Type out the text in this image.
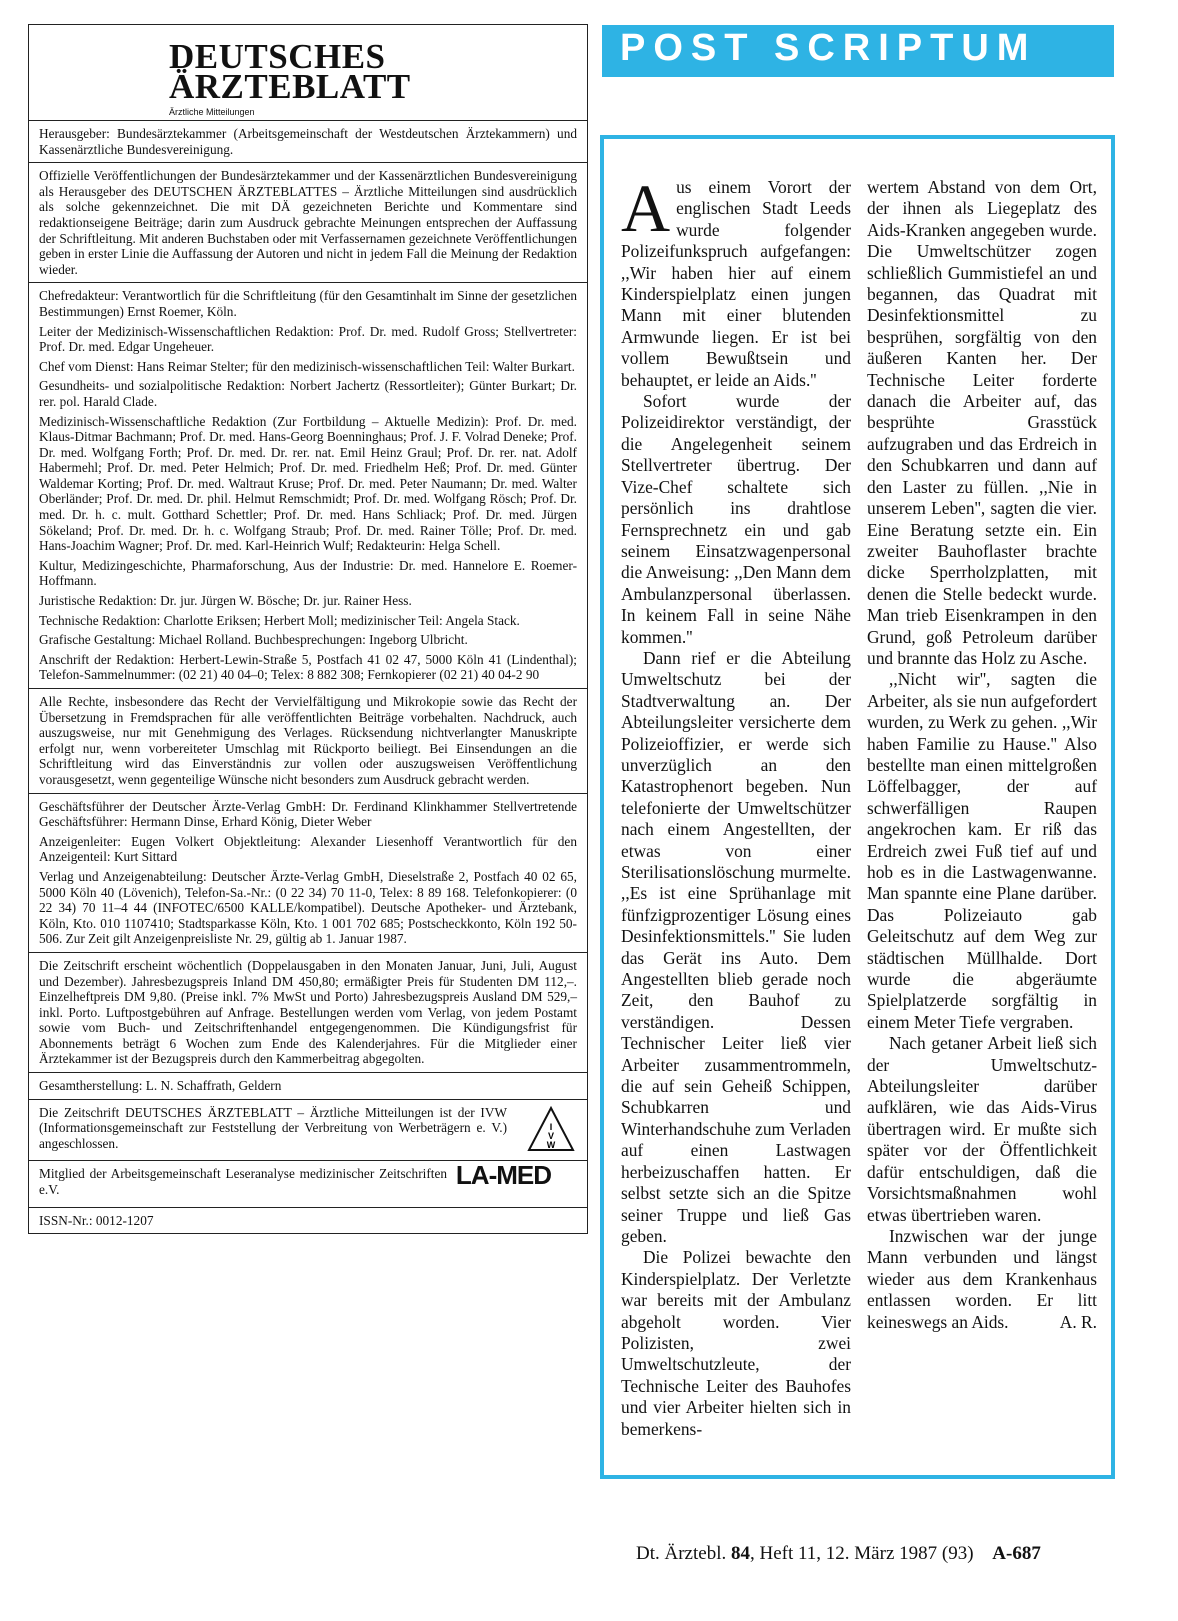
DEUTSCHES
ÄRZTEBLATT
Ärztliche Mitteilungen

Herausgeber: Bundesärztekammer (Arbeitsgemeinschaft der Westdeutschen Ärztekammern) und Kassenärztliche Bundesvereinigung.

Offizielle Veröffentlichungen der Bundesärztekammer und der Kassenärztlichen Bundesvereinigung als Herausgeber des DEUTSCHEN ÄRZTEBLATTES – Ärztliche Mitteilungen sind ausdrücklich als solche gekennzeichnet. Die mit DÄ gezeichneten Berichte und Kommentare sind redaktionseigene Beiträge; darin zum Ausdruck gebrachte Meinungen entsprechen der Auffassung der Schriftleitung. Mit anderen Buchstaben oder mit Verfassernamen gezeichnete Veröffentlichungen geben in erster Linie die Auffassung der Autoren und nicht in jedem Fall die Meinung der Redaktion wieder.

Chefredakteur: Verantwortlich für die Schriftleitung (für den Gesamtinhalt im Sinne der gesetzlichen Bestimmungen) Ernst Roemer, Köln.

Leiter der Medizinisch-Wissenschaftlichen Redaktion: Prof. Dr. med. Rudolf Gross; Stellvertreter: Prof. Dr. med. Edgar Ungeheuer.

Chef vom Dienst: Hans Reimar Stelter; für den medizinisch-wissenschaftlichen Teil: Walter Burkart.

Gesundheits- und sozialpolitische Redaktion: Norbert Jachertz (Ressortleiter); Günter Burkart; Dr. rer. pol. Harald Clade.

Medizinisch-Wissenschaftliche Redaktion (Zur Fortbildung – Aktuelle Medizin): Prof. Dr. med. Klaus-Ditmar Bachmann; Prof. Dr. med. Hans-Georg Boenninghaus; Prof. J. F. Volrad Deneke; Prof. Dr. med. Wolfgang Forth; Prof. Dr. med. Dr. rer. nat. Emil Heinz Graul; Prof. Dr. rer. nat. Adolf Habermehl; Prof. Dr. med. Peter Helmich; Prof. Dr. med. Friedhelm Heß; Prof. Dr. med. Günter Waldemar Korting; Prof. Dr. med. Waltraut Kruse; Prof. Dr. med. Peter Naumann; Dr. med. Walter Oberländer; Prof. Dr. med. Dr. phil. Helmut Remschmidt; Prof. Dr. med. Wolfgang Rösch; Prof. Dr. med. Dr. h. c. mult. Gotthard Schettler; Prof. Dr. med. Hans Schliack; Prof. Dr. med. Jürgen Sökeland; Prof. Dr. med. Dr. h. c. Wolfgang Straub; Prof. Dr. med. Rainer Tölle; Prof. Dr. med. Hans-Joachim Wagner; Prof. Dr. med. Karl-Heinrich Wulf; Redakteurin: Helga Schell.

Kultur, Medizingeschichte, Pharmaforschung, Aus der Industrie: Dr. med. Hannelore E. Roemer-Hoffmann.

Juristische Redaktion: Dr. jur. Jürgen W. Bösche; Dr. jur. Rainer Hess.

Technische Redaktion: Charlotte Eriksen; Herbert Moll; medizinischer Teil: Angela Stack.

Grafische Gestaltung: Michael Rolland. Buchbesprechungen: Ingeborg Ulbricht.

Anschrift der Redaktion: Herbert-Lewin-Straße 5, Postfach 41 02 47, 5000 Köln 41 (Lindenthal); Telefon-Sammelnummer: (02 21) 40 04–0; Telex: 8 882 308; Fernkopierer (02 21) 40 04-2 90

Alle Rechte, insbesondere das Recht der Vervielfältigung und Mikrokopie sowie das Recht der Übersetzung in Fremdsprachen für alle veröffentlichten Beiträge vorbehalten. Nachdruck, auch auszugsweise, nur mit Genehmigung des Verlages. Rücksendung nichtverlangter Manuskripte erfolgt nur, wenn vorbereiteter Umschlag mit Rückporto beiliegt. Bei Einsendungen an die Schriftleitung wird das Einverständnis zur vollen oder auszugsweisen Veröffentlichung vorausgesetzt, wenn gegenteilige Wünsche nicht besonders zum Ausdruck gebracht werden.

Geschäftsführer der Deutscher Ärzte-Verlag GmbH: Dr. Ferdinand Klinkhammer Stellvertretende Geschäftsführer: Hermann Dinse, Erhard König, Dieter Weber

Anzeigenleiter: Eugen Volkert Objektleitung: Alexander Liesenhoff Verantwortlich für den Anzeigenteil: Kurt Sittard

Verlag und Anzeigenabteilung: Deutscher Ärzte-Verlag GmbH, Dieselstraße 2, Postfach 40 02 65, 5000 Köln 40 (Lövenich), Telefon-Sa.-Nr.: (0 22 34) 70 11-0, Telex: 8 89 168. Telefonkopierer: (0 22 34) 70 11–4 44 (INFOTEC/6500 KALLE/kompatibel). Deutsche Apotheker- und Ärztebank, Köln, Kto. 010 1107410; Stadtsparkasse Köln, Kto. 1 001 702 685; Postscheckkonto, Köln 192 50-506. Zur Zeit gilt Anzeigenpreisliste Nr. 29, gültig ab 1. Januar 1987.

Die Zeitschrift erscheint wöchentlich (Doppelausgaben in den Monaten Januar, Juni, Juli, August und Dezember). Jahresbezugspreis Inland DM 450,80; ermäßigter Preis für Studenten DM 112,–. Einzelheftpreis DM 9,80. (Preise inkl. 7% MwSt und Porto) Jahresbezugspreis Ausland DM 529,– inkl. Porto. Luftpostgebühren auf Anfrage. Bestellungen werden vom Verlag, von jedem Postamt sowie vom Buch- und Zeitschriftenhandel entgegengenommen. Die Kündigungsfrist für Abonnements beträgt 6 Wochen zum Ende des Kalenderjahres. Für die Mitglieder einer Ärztekammer ist der Bezugspreis durch den Kammerbeitrag abgegolten.

Gesamtherstellung: L. N. Schaffrath, Geldern

Die Zeitschrift DEUTSCHES ÄRZTEBLATT – Ärztliche Mitteilungen ist der IVW (Informationsgemeinschaft zur Feststellung der Verbreitung von Werbeträgern e. V.) angeschlossen.

I
V
W

Mitglied der Arbeitsgemeinschaft Leseranalyse medizinischer Zeitschriften e.V.	LA-MED

ISSN-Nr.: 0012-1207

POST SCRIPTUM

Aus einem Vorort der englischen Stadt Leeds wurde folgender Polizeifunkspruch aufgefangen: ,,Wir haben hier auf einem Kinderspielplatz einen jungen Mann mit einer blutenden Armwunde liegen. Er ist bei vollem Bewußtsein und behauptet, er leide an Aids.''

Sofort wurde der Polizeidirektor verständigt, der die Angelegenheit seinem Stellvertreter übertrug. Der Vize-Chef schaltete sich persönlich ins drahtlose Fernsprechnetz ein und gab seinem Einsatzwagenpersonal die Anweisung: ,,Den Mann dem Ambulanzpersonal überlassen. In keinem Fall in seine Nähe kommen.''

Dann rief er die Abteilung Umweltschutz bei der Stadtverwaltung an. Der Abteilungsleiter versicherte dem Polizeioffizier, er werde sich unverzüglich an den Katastrophenort begeben. Nun telefonierte der Umweltschützer nach einem Angestellten, der etwas von einer Sterilisationslöschung murmelte. ,,Es ist eine Sprühanlage mit fünfzigprozentiger Lösung eines Desinfektionsmittels.'' Sie luden das Gerät ins Auto. Dem Angestellten blieb gerade noch Zeit, den Bauhof zu verständigen. Dessen Technischer Leiter ließ vier Arbeiter zusammentrommeln, die auf sein Geheiß Schippen, Schubkarren und Winterhandschuhe zum Verladen auf einen Lastwagen herbeizuschaffen hatten. Er selbst setzte sich an die Spitze seiner Truppe und ließ Gas geben.

Die Polizei bewachte den Kinderspielplatz. Der Verletzte war bereits mit der Ambulanz abgeholt worden. Vier Polizisten, zwei Umweltschutzleute, der Technische Leiter des Bauhofes und vier Arbeiter hielten sich in bemerkens-

wertem Abstand von dem Ort, der ihnen als Liegeplatz des Aids-Kranken angegeben wurde. Die Umweltschützer zogen schließlich Gummistiefel an und begannen, das Quadrat mit Desinfektionsmittel zu besprühen, sorgfältig von den äußeren Kanten her. Der Technische Leiter forderte danach die Arbeiter auf, das besprühte Grasstück aufzugraben und das Erdreich in den Schubkarren und dann auf den Laster zu füllen. ,,Nie in unserem Leben'', sagten die vier. Eine Beratung setzte ein. Ein zweiter Bauhoflaster brachte dicke Sperrholzplatten, mit denen die Stelle bedeckt wurde. Man trieb Eisenkrampen in den Grund, goß Petroleum darüber und brannte das Holz zu Asche.

,,Nicht wir'', sagten die Arbeiter, als sie nun aufgefordert wurden, zu Werk zu gehen. ,,Wir haben Familie zu Hause.'' Also bestellte man einen mittelgroßen Löffelbagger, der auf schwerfälligen Raupen angekrochen kam. Er riß das Erdreich zwei Fuß tief auf und hob es in die Lastwagenwanne. Man spannte eine Plane darüber. Das Polizeiauto gab Geleitschutz auf dem Weg zur städtischen Müllhalde. Dort wurde die abgeräumte Spielplatzerde sorgfältig in einem Meter Tiefe vergraben.

Nach getaner Arbeit ließ sich der Umweltschutz-Abteilungsleiter darüber aufklären, wie das Aids-Virus übertragen wird. Er mußte sich später vor der Öffentlichkeit dafür entschuldigen, daß die Vorsichtsmaßnahmen wohl etwas übertrieben waren.

Inzwischen war der junge Mann verbunden und längst wieder aus dem Krankenhaus entlassen worden. Er litt keineswegs an Aids.	A. R.

Dt. Ärztebl. 84, Heft 11, 12. März 1987 (93) A-687
